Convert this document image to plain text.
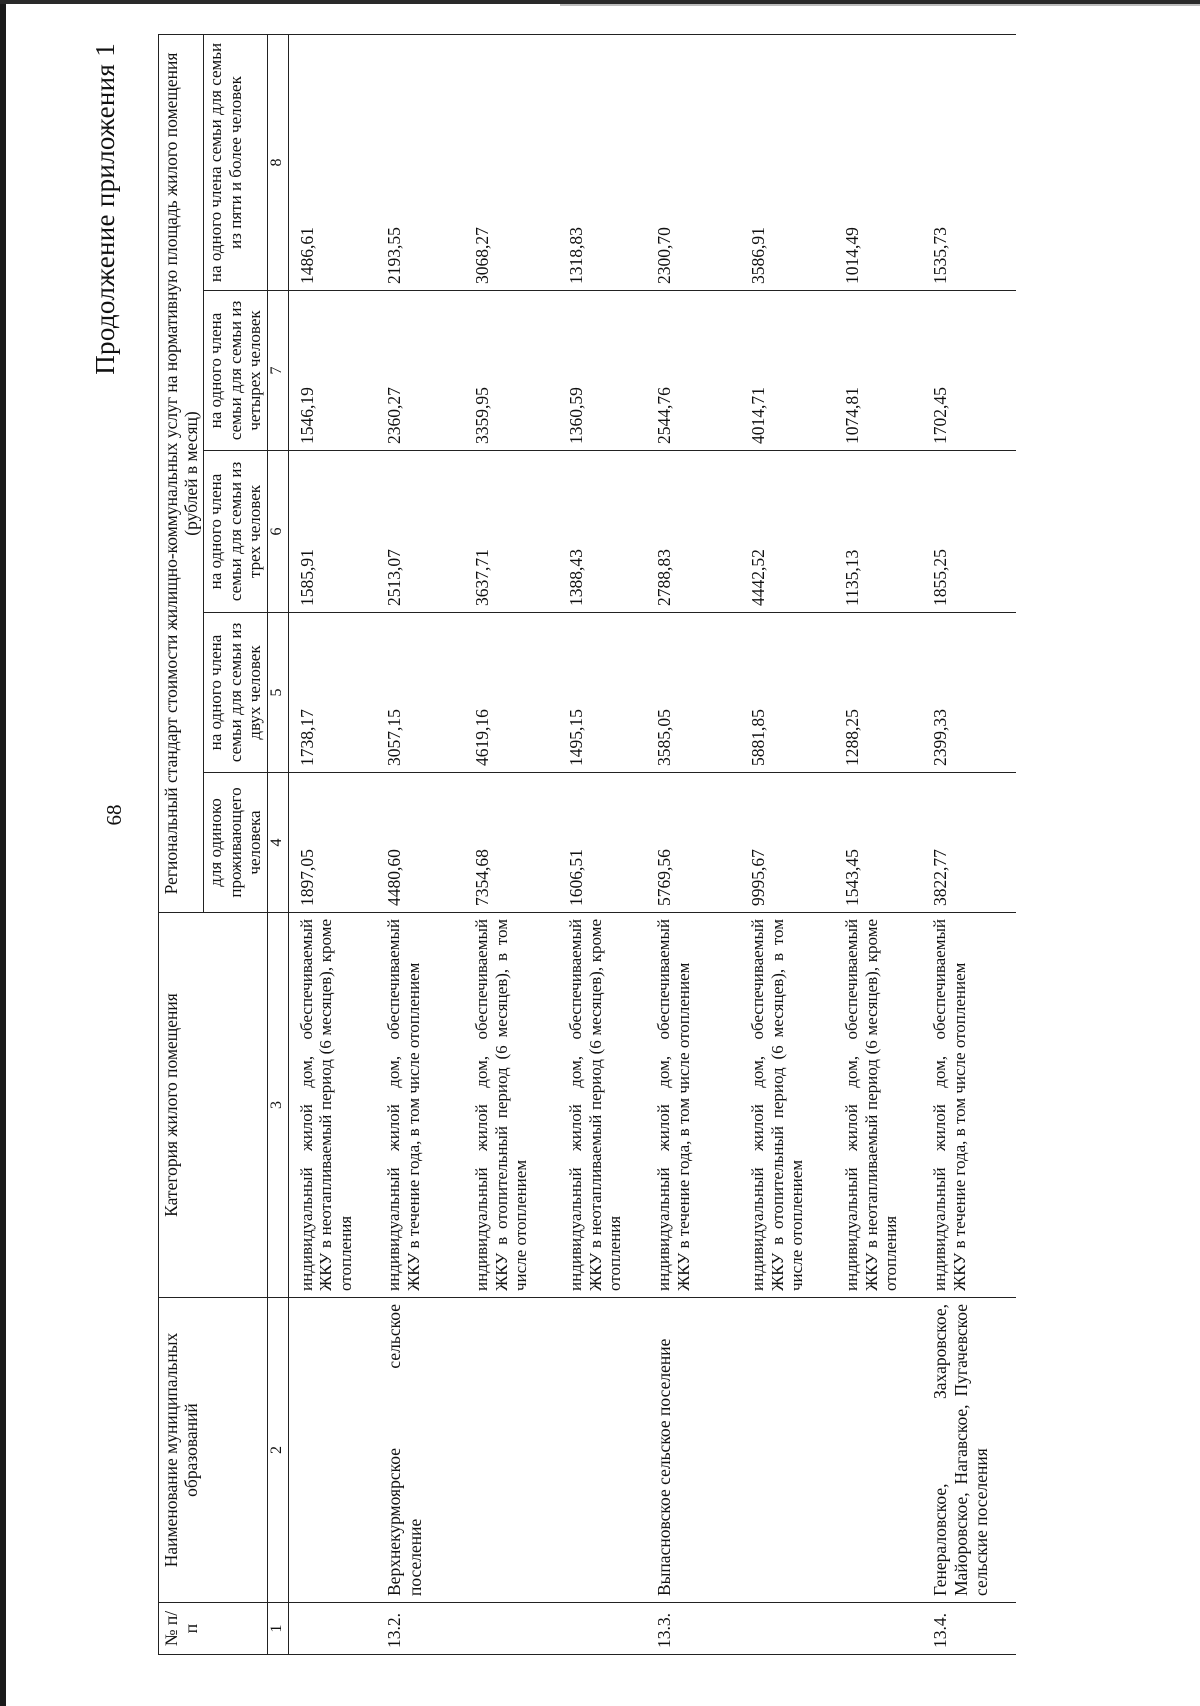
68
Продолжение приложения 1
№ п/п	Наименование муниципальных образований	Категория жилого помещения	Региональный стандарт стоимости жилищно-коммунальных услуг на нормативную площадь жилого помещения (рублей в месяц)				
			для одиноко проживающего человека	на одного члена семьи для семьи из двух человек	на одного члена семьи для семьи из трех человек	на одного члена семьи для семьи из четырех человек	на одного члена семьи для семьи из пяти и более человек
1	2	3	4	5	6	7	8
		индивидуальный жилой дом, обеспечиваемый ЖКУ в неотапливаемый период (6 месяцев), кроме отопления	1897,05	1738,17	1585,91	1546,19	1486,61
13.2.	Верхнекурмоярское сельское поселение	индивидуальный жилой дом, обеспечиваемый ЖКУ в течение года, в том числе отоплением	4480,60	3057,15	2513,07	2360,27	2193,55
		индивидуальный жилой дом, обеспечиваемый ЖКУ в отопительный период (6 месяцев), в том числе отоплением	7354,68	4619,16	3637,71	3359,95	3068,27
		индивидуальный жилой дом, обеспечиваемый ЖКУ в неотапливаемый период (6 месяцев), кроме отопления	1606,51	1495,15	1388,43	1360,59	1318,83
13.3.	Выпасновское сельское поселение	индивидуальный жилой дом, обеспечиваемый ЖКУ в течение года, в том числе отоплением	5769,56	3585,05	2788,83	2544,76	2300,70
		индивидуальный жилой дом, обеспечиваемый ЖКУ в отопительный период (6 месяцев), в том числе отоплением	9995,67	5881,85	4442,52	4014,71	3586,91
		индивидуальный жилой дом, обеспечиваемый ЖКУ в неотапливаемый период (6 месяцев), кроме отопления	1543,45	1288,25	1135,13	1074,81	1014,49
13.4.	Генераловское, Захаровское, Майоровское, Нагавское, Пугачевское сельские поселения	индивидуальный жилой дом, обеспечиваемый ЖКУ в течение года, в том числе отоплением	3822,77	2399,33	1855,25	1702,45	1535,73
